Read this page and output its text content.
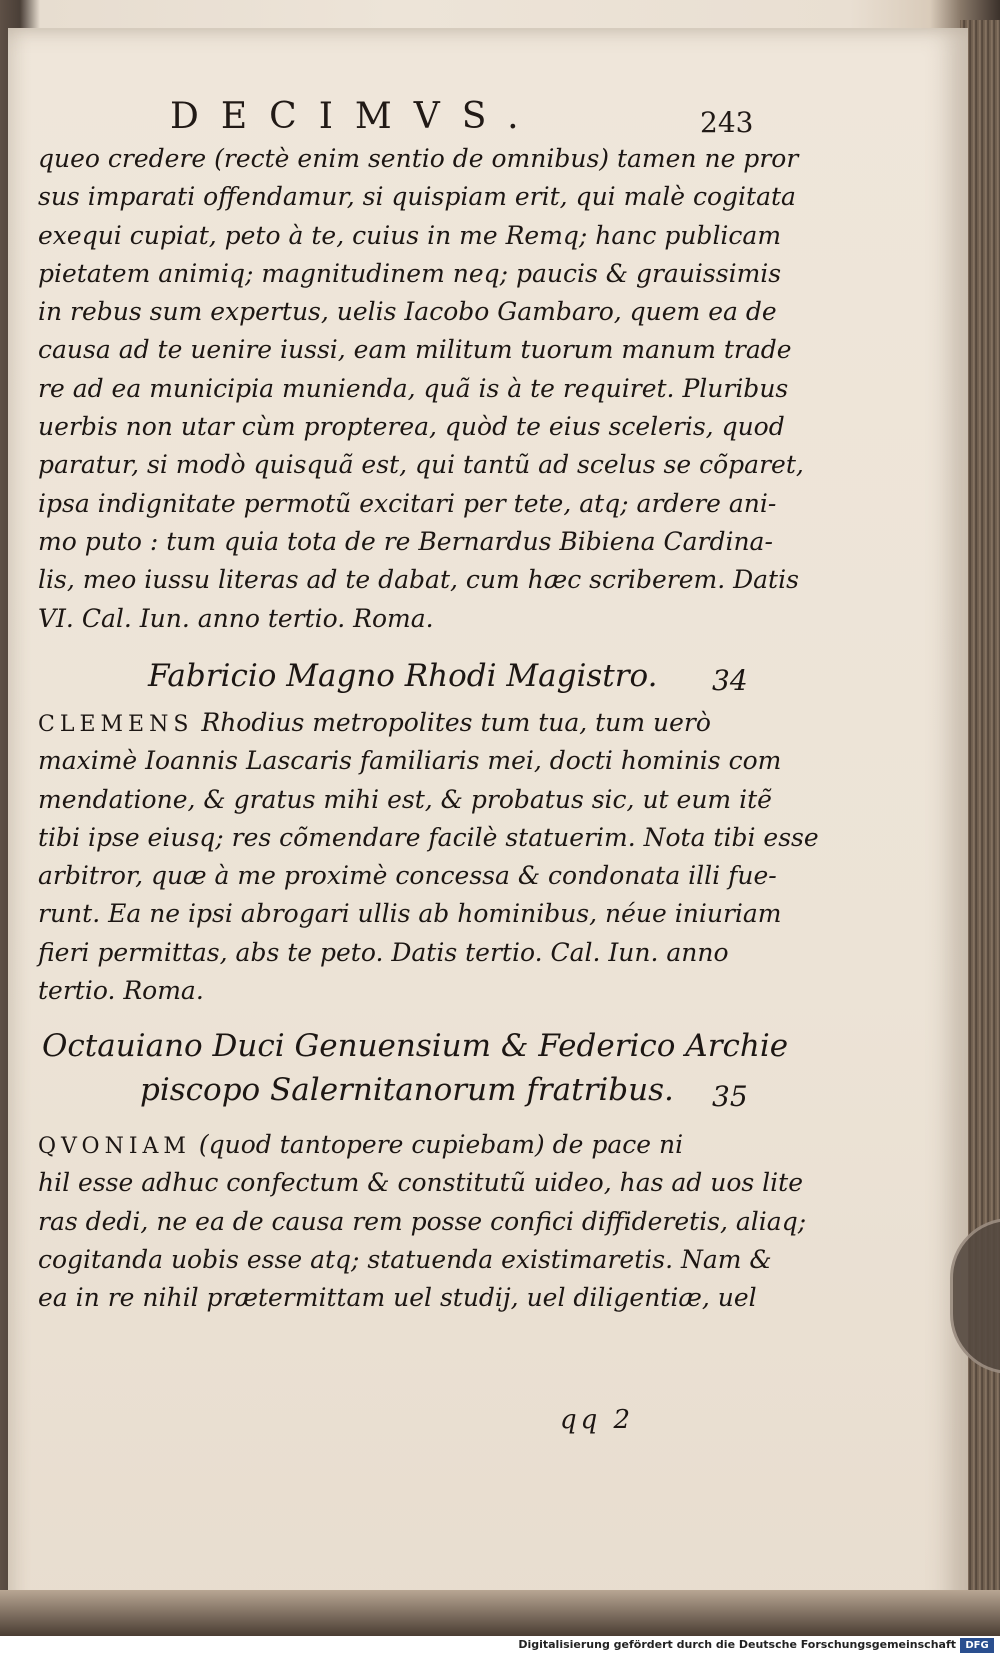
DECIMVS.	243
queo credere (rectè enim sentio de omnibus) tamen ne pror
sus imparati offendamur, si quispiam erit, qui malè cogitata
exequi cupiat, peto à te, cuius in me Remq; hanc publicam
pietatem animiq; magnitudinem neq; paucis & grauissimis
in rebus sum expertus, uelis Iacobo Gambaro, quem ea de
causa ad te uenire iussi, eam militum tuorum manum trade
re ad ea municipia munienda, quã is à te requiret. Pluribus
uerbis non utar cùm propterea, quòd te eius sceleris, quod
paratur, si modò quisquã est, qui tantũ ad scelus se cõparet,
ipsa indignitate permotũ excitari per tete, atq; ardere ani-
mo puto : tum quia tota de re Bernardus Bibiena Cardina-
lis, meo iussu literas ad te dabat, cum hæc scriberem. Datis
VI. Cal. Iun. anno tertio. Roma.
Fabricio Magno Rhodi Magistro. 34
CLEMENS Rhodius metropolites tum tua, tum uerò
maximè Ioannis Lascaris familiaris mei, docti hominis com
mendatione, & gratus mihi est, & probatus sic, ut eum itẽ
tibi ipse eiusq; res cõmendare facilè statuerim. Nota tibi esse
arbitror, quæ à me proximè concessa & condonata illi fue-
runt. Ea ne ipsi abrogari ullis ab hominibus, néue iniuriam
fieri permittas, abs te peto. Datis tertio. Cal. Iun. anno
tertio. Roma.
Octauiano Duci Genuensium & Federico Archie
piscopo Salernitanorum fratribus. 35
QVONIAM (quod tantopere cupiebam) de pace ni
hil esse adhuc confectum & constitutũ uideo, has ad uos lite
ras dedi, ne ea de causa rem posse confici diffideretis, aliaq;
cogitanda uobis esse atq; statuenda existimaretis. Nam &
ea in re nihil prætermittam uel studij, uel diligentiæ, uel
qq 2
Digitalisierung gefördert durch die Deutsche Forschungsgemeinschaft DFG
